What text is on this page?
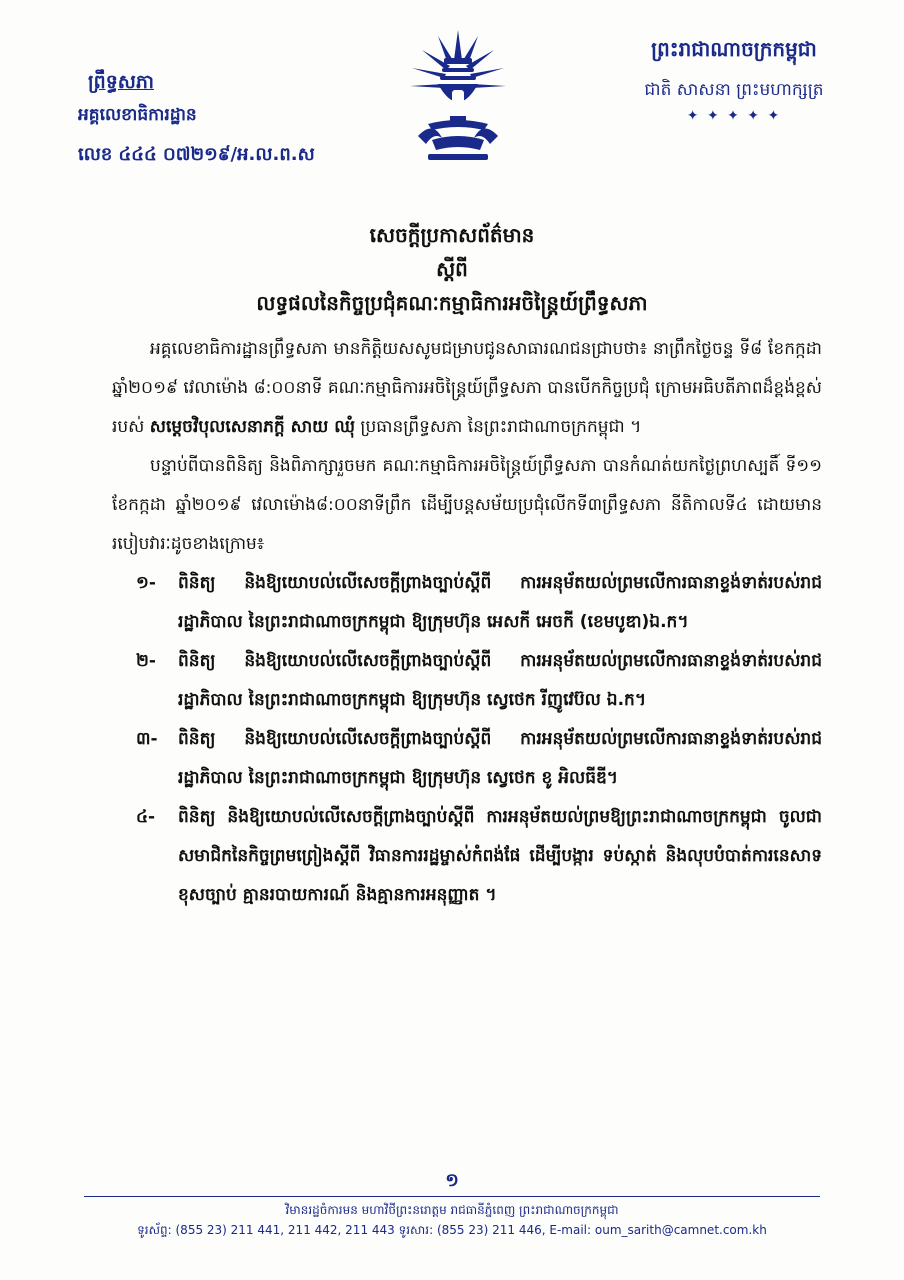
ព្រឹទ្ធសភា
អគ្គលេខាធិការដ្ឋាន
លេខ ៤៤៤ ០៧២១៩/អ.ល.ព.ស
ព្រះរាជាណាចក្រកម្ពុជា
ជាតិ សាសនា ព្រះមហាក្សត្រ
✦ ✦ ✦ ✦ ✦
សេចក្តីប្រកាសព័ត៌មាន
ស្តីពី
លទ្ធផលនៃកិច្ចប្រជុំគណៈកម្មាធិការអចិន្ត្រៃយ៍ព្រឹទ្ធសភា

អគ្គលេខាធិការដ្ឋានព្រឹទ្ធសភា មានកិត្តិយសសូមជម្រាបជូនសាធារណជនជ្រាបថា៖ នាព្រឹកថ្ងៃចន្ទ ទី៨ ខែកក្កដា ឆ្នាំ២០១៩ វេលាម៉ោង ៨:០០នាទី គណៈកម្មាធិការអចិន្ត្រៃយ៍ព្រឹទ្ធសភា បានបើកកិច្ចប្រជុំ ក្រោមអធិបតីភាពដ៏ខ្ពង់ខ្ពស់របស់ សម្តេចវិបុលសេនាភក្តី សាយ ឈុំ ប្រធានព្រឹទ្ធសភា នៃព្រះរាជាណាចក្រកម្ពុជា ។

បន្ទាប់ពីបានពិនិត្យ និងពិភាក្សារួចមក គណៈកម្មាធិការអចិន្ត្រៃយ៍ព្រឹទ្ធសភា បានកំណត់យកថ្ងៃព្រហស្បតិ៍ ទី១១ ខែកក្កដា ឆ្នាំ២០១៩ វេលាម៉ោង៨:០០នាទីព្រឹក ដើម្បីបន្តសម័យប្រជុំលើកទី៣ព្រឹទ្ធសភា នីតិកាលទី៤ ដោយមានរបៀបវារៈដូចខាងក្រោម៖

១-	ពិនិត្យ និងឱ្យយោបល់លើសេចក្តីព្រាងច្បាប់ស្តីពី ការអនុម័តយល់ព្រមលើការធានាខ្ទង់ទាត់របស់រាជរដ្ឋាភិបាល នៃព្រះរាជាណាចក្រកម្ពុជា ឱ្យក្រុមហ៊ុន អេសកី អេចកី (ខេមបូឌា)ឯ.ក។
២-	ពិនិត្យ និងឱ្យយោបល់លើសេចក្តីព្រាងច្បាប់ស្តីពី ការអនុម័តយល់ព្រមលើការធានាខ្ទង់ទាត់របស់រាជរដ្ឋាភិបាល នៃព្រះរាជាណាចក្រកម្ពុជា ឱ្យក្រុមហ៊ុន ស្វេថេក រីញូវេប៊ល ឯ.ក។
៣-	ពិនិត្យ និងឱ្យយោបល់លើសេចក្តីព្រាងច្បាប់ស្តីពី ការអនុម័តយល់ព្រមលើការធានាខ្ទង់ទាត់របស់រាជរដ្ឋាភិបាល នៃព្រះរាជាណាចក្រកម្ពុជា ឱ្យក្រុមហ៊ុន ស្វេថេក ខូ អិលធីឌី។
៤-	ពិនិត្យ និងឱ្យយោបល់លើសេចក្តីព្រាងច្បាប់ស្តីពី ការអនុម័តយល់ព្រមឱ្យព្រះរាជាណាចក្រកម្ពុជា ចូលជាសមាជិកនៃកិច្ចព្រមព្រៀងស្តីពី វិធានការរដ្ឋម្ចាស់កំពង់ផែ ដើម្បីបង្ការ ទប់ស្កាត់ និងលុបបំបាត់ការនេសាទខុសច្បាប់ គ្មានរបាយការណ៍ និងគ្មានការអនុញ្ញាត ។
១
វិមានរដ្ឋចំការមន មហាវិថីព្រះនរោត្តម រាជធានីភ្នំពេញ ព្រះរាជាណាចក្រកម្ពុជា
ទូរស័ព្ទ: (855 23) 211 441, 211 442, 211 443 ទូរសារ: (855 23) 211 446, E-mail: oum_sarith@camnet.com.kh
